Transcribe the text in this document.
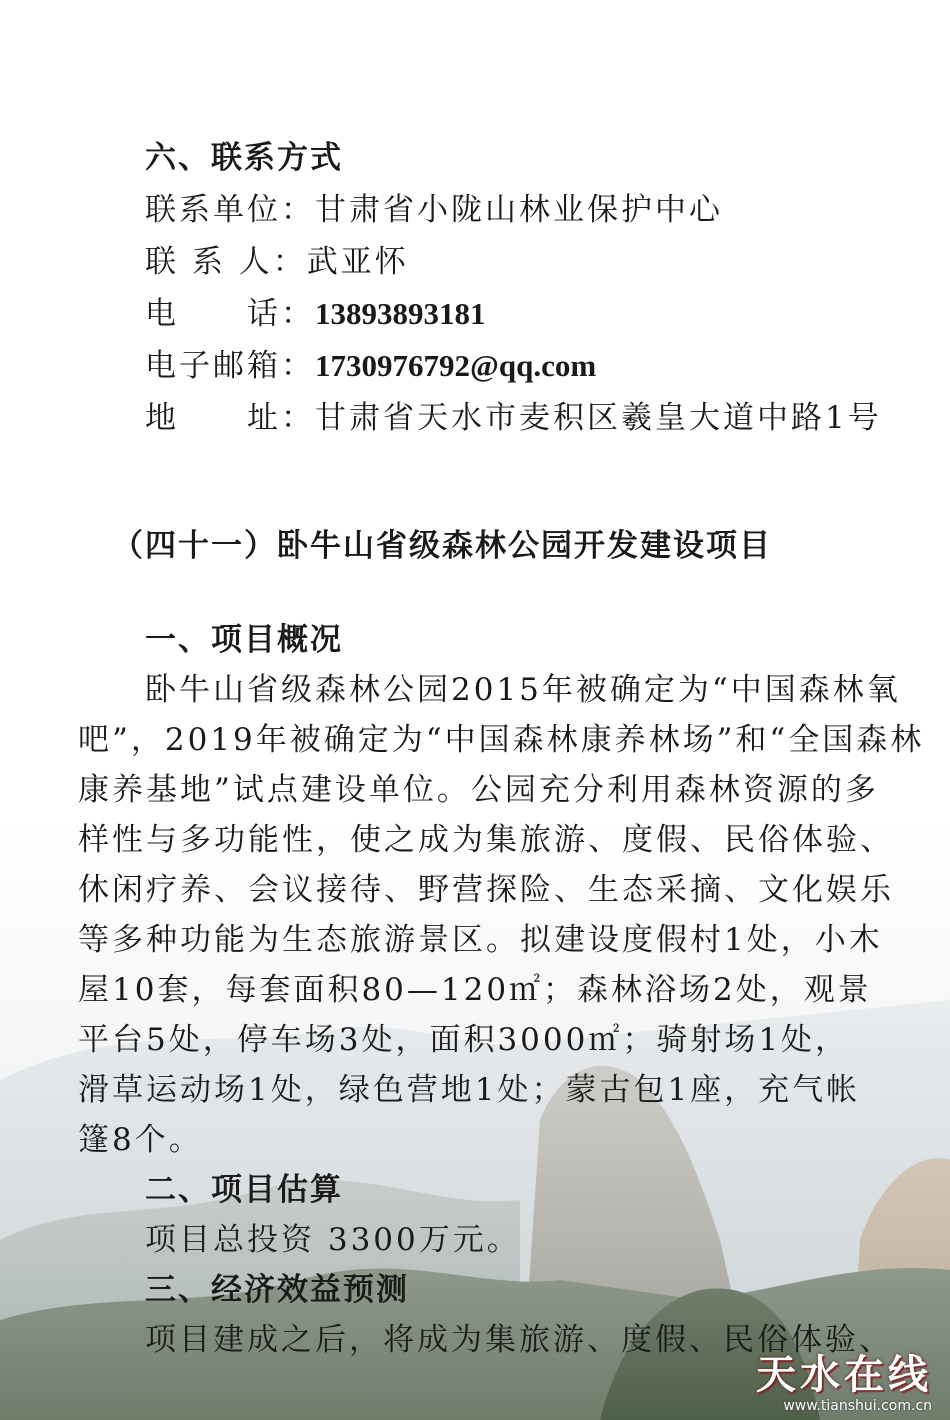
六、联系方式
联系单位：甘肃省小陇山林业保护中心
联 系 人：武亚怀
电　　话：13893893181
电子邮箱：1730976792@qq.com
地　　址：甘肃省天水市麦积区羲皇大道中路1号
（四十一）卧牛山省级森林公园开发建设项目
一、项目概况
卧牛山省级森林公园2015年被确定为“中国森林氧
吧”，2019年被确定为“中国森林康养林场”和“全国森林
康养基地”试点建设单位。公园充分利用森林资源的多
样性与多功能性，使之成为集旅游、度假、民俗体验、
休闲疗养、会议接待、野营探险、生态采摘、文化娱乐
等多种功能为生态旅游景区。拟建设度假村1处，小木
屋10套，每套面积80—120㎡；森林浴场2处，观景
平台5处，停车场3处，面积3000㎡；骑射场1处，
滑草运动场1处，绿色营地1处；蒙古包1座，充气帐
篷8个。
二、项目估算
项目总投资 3300万元。
三、经济效益预测
项目建成之后，将成为集旅游、度假、民俗体验、
天水在线
www.tianshui.com.cn
